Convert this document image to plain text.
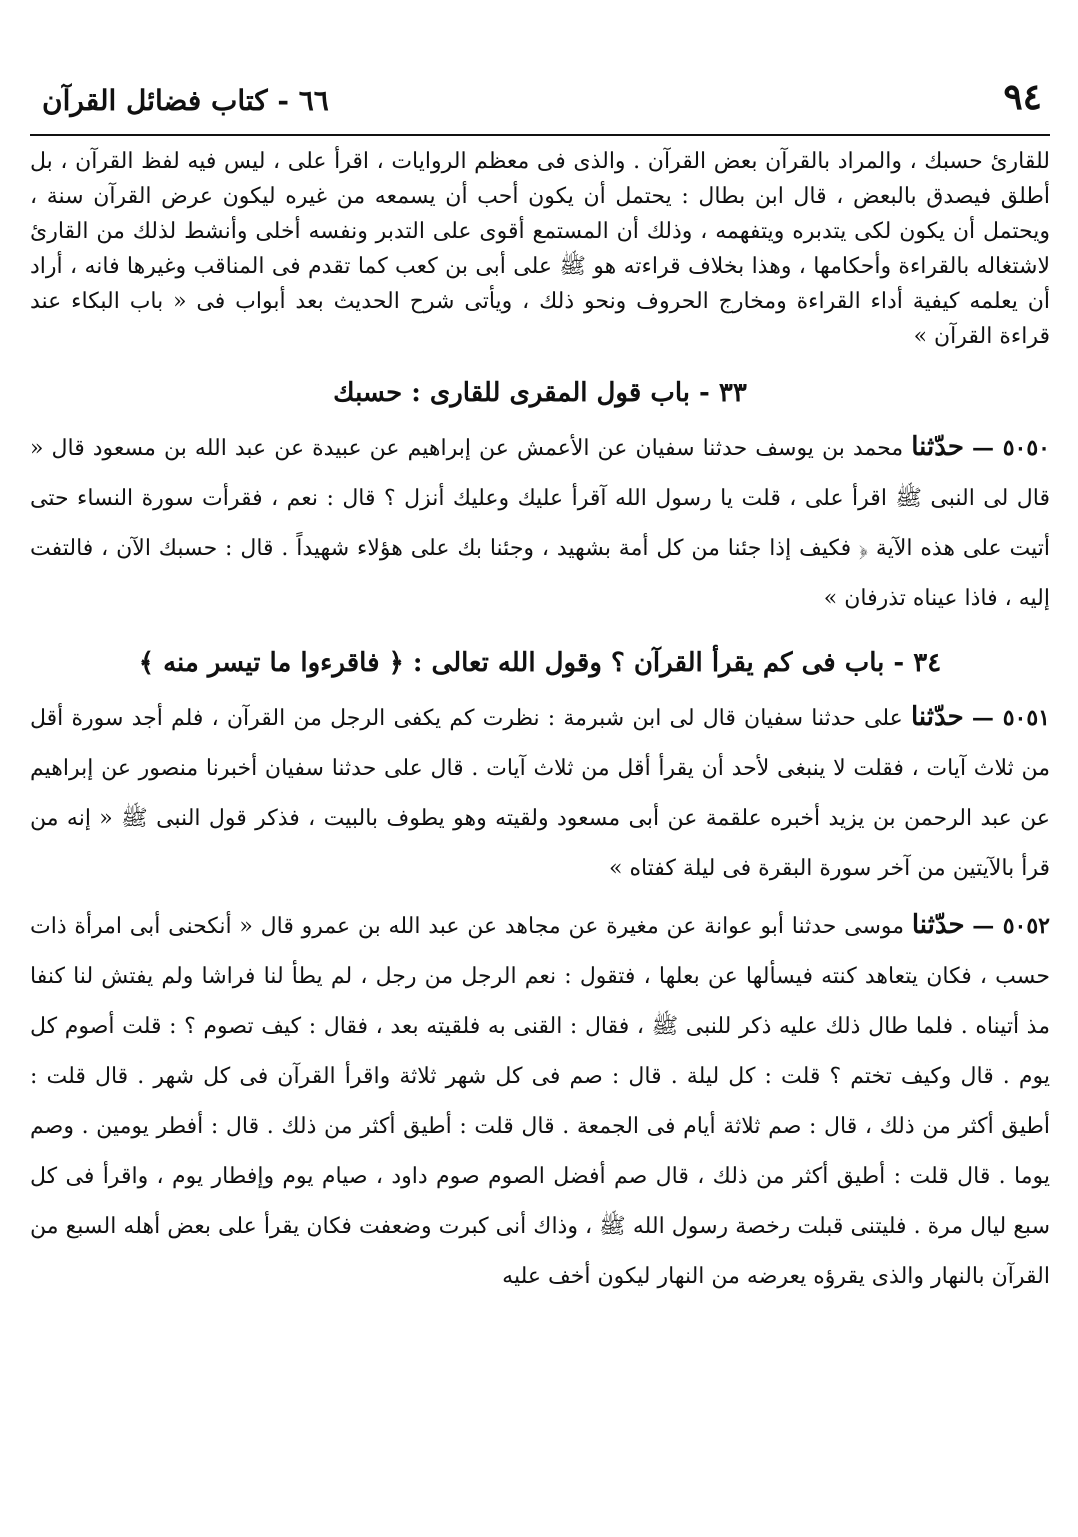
٩٤
٦٦ - كتاب فضائل القرآن

للقارئ حسبك ، والمراد بالقرآن بعض القرآن . والذى فى معظم الروايات ، اقرأ على ، ليس فيه لفظ القرآن ، بل أطلق فيصدق بالبعض ، قال ابن بطال : يحتمل أن يكون أحب أن يسمعه من غيره ليكون عرض القرآن سنة ، ويحتمل أن يكون لكى يتدبره ويتفهمه ، وذلك أن المستمع أقوى على التدبر ونفسه أخلى وأنشط لذلك من القارئ لاشتغاله بالقراءة وأحكامها ، وهذا بخلاف قراءته هو ﷺ على أبى بن كعب كما تقدم فى المناقب وغيرها فانه ، أراد أن يعلمه كيفية أداء القراءة ومخارج الحروف ونحو ذلك ، ويأتى شرح الحديث بعد أبواب فى « باب البكاء عند قراءة القرآن »

٣٣ - باب قول المقرى للقارى : حسبك

٥٠٥٠ — حدّثنا محمد بن يوسف حدثنا سفيان عن الأعمش عن إبراهيم عن عبيدة عن عبد الله بن مسعود قال « قال لى النبى ﷺ اقرأ على ، قلت يا رسول الله آقرأ عليك وعليك أنزل ؟ قال : نعم ، فقرأت سورة النساء حتى أتيت على هذه الآية ﴿ فكيف إذا جئنا من كل أمة بشهيد ، وجئنا بك على هؤلاء شهيداً . قال : حسبك الآن ، فالتفت إليه ، فاذا عيناه تذرفان »

٣٤ - باب فى كم يقرأ القرآن ؟ وقول الله تعالى : ﴿ فاقرءوا ما تيسر منه ﴾

٥٠٥١ — حدّثنا على حدثنا سفيان قال لى ابن شبرمة : نظرت كم يكفى الرجل من القرآن ، فلم أجد سورة أقل من ثلاث آيات ، فقلت لا ينبغى لأحد أن يقرأ أقل من ثلاث آيات . قال على حدثنا سفيان أخبرنا منصور عن إبراهيم عن عبد الرحمن بن يزيد أخبره علقمة عن أبى مسعود ولقيته وهو يطوف بالبيت ، فذكر قول النبى ﷺ « إنه من قرأ بالآيتين من آخر سورة البقرة فى ليلة كفتاه »

٥٠٥٢ — حدّثنا موسى حدثنا أبو عوانة عن مغيرة عن مجاهد عن عبد الله بن عمرو قال « أنكحنى أبى امرأة ذات حسب ، فكان يتعاهد كنته فيسألها عن بعلها ، فتقول : نعم الرجل من رجل ، لم يطأ لنا فراشا ولم يفتش لنا كنفا مذ أتيناه . فلما طال ذلك عليه ذكر للنبى ﷺ ، فقال : القنى به فلقيته بعد ، فقال : كيف تصوم ؟ : قلت أصوم كل يوم . قال وكيف تختم ؟ قلت : كل ليلة . قال : صم فى كل شهر ثلاثة واقرأ القرآن فى كل شهر . قال قلت : أطيق أكثر من ذلك ، قال : صم ثلاثة أيام فى الجمعة . قال قلت : أطيق أكثر من ذلك . قال : أفطر يومين . وصم يوما . قال قلت : أطيق أكثر من ذلك ، قال صم أفضل الصوم صوم داود ، صيام يوم وإفطار يوم ، واقرأ فى كل سبع ليال مرة . فليتنى قبلت رخصة رسول الله ﷺ ، وذاك أنى كبرت وضعفت فكان يقرأ على بعض أهله السبع من القرآن بالنهار والذى يقرؤه يعرضه من النهار ليكون أخف عليه
